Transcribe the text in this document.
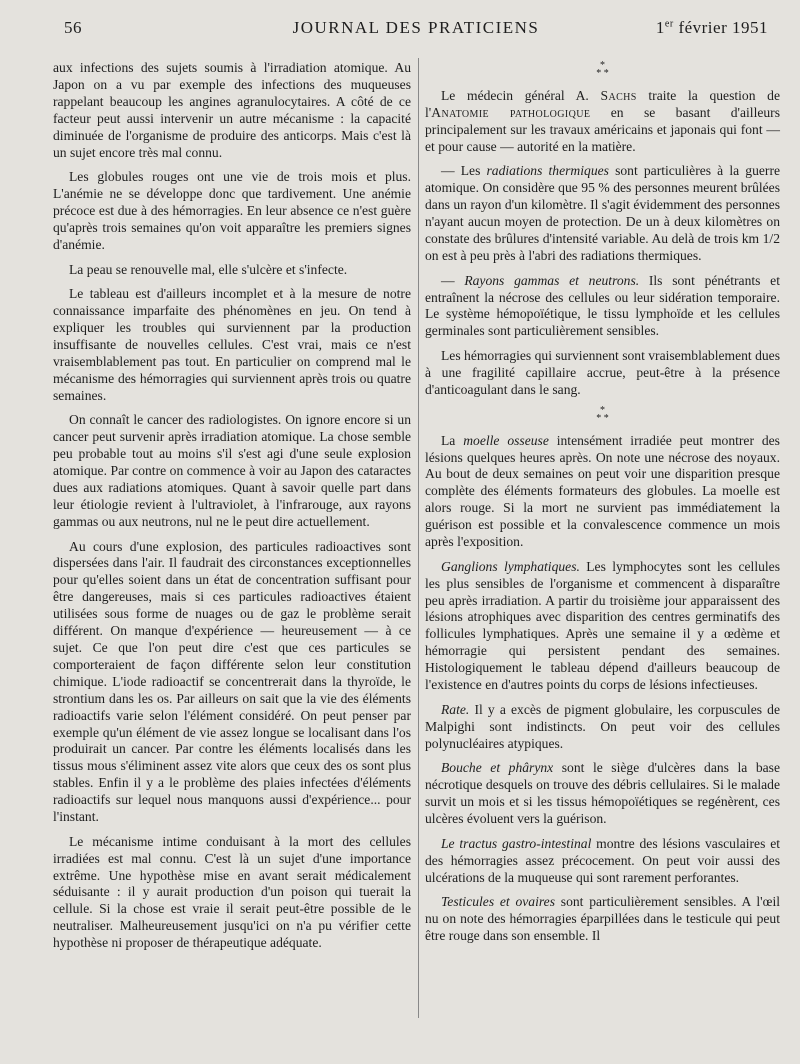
56	JOURNAL DES PRATICIENS	1er février 1951

aux infections des sujets soumis à l'irradiation atomique. Au Japon on a vu par exemple des infections des muqueuses rappelant beaucoup les angines agranulocytaires. A côté de ce facteur peut aussi intervenir un autre mécanisme : la capacité diminuée de l'organisme de produire des anticorps. Mais c'est là un sujet encore très mal connu.

Les globules rouges ont une vie de trois mois et plus. L'anémie ne se développe donc que tardivement. Une anémie précoce est due à des hémorragies. En leur absence ce n'est guère qu'après trois semaines qu'on voit apparaître les premiers signes d'anémie.

La peau se renouvelle mal, elle s'ulcère et s'infecte.

Le tableau est d'ailleurs incomplet et à la mesure de notre connaissance imparfaite des phénomènes en jeu. On tend à expliquer les troubles qui surviennent par la production insuffisante de nouvelles cellules. C'est vrai, mais ce n'est vraisemblablement pas tout. En particulier on comprend mal le mécanisme des hémorragies qui surviennent après trois ou quatre semaines.

On connaît le cancer des radiologistes. On ignore encore si un cancer peut survenir après irradiation atomique. La chose semble peu probable tout au moins s'il s'est agi d'une seule explosion atomique. Par contre on commence à voir au Japon des cataractes dues aux radiations atomiques. Quant à savoir quelle part dans leur étiologie revient à l'ultraviolet, à l'infrarouge, aux rayons gammas ou aux neutrons, nul ne le peut dire actuellement.

Au cours d'une explosion, des particules radioactives sont dispersées dans l'air. Il faudrait des circonstances exceptionnelles pour qu'elles soient dans un état de concentration suffisant pour être dangereuses, mais si ces particules radioactives étaient utilisées sous forme de nuages ou de gaz le problème serait différent. On manque d'expérience — heureusement — à ce sujet. Ce que l'on peut dire c'est que ces particules se comporteraient de façon différente selon leur constitution chimique. L'iode radioactif se concentrerait dans la thyroïde, le strontium dans les os. Par ailleurs on sait que la vie des éléments radioactifs varie selon l'élément considéré. On peut penser par exemple qu'un élément de vie assez longue se localisant dans l'os produirait un cancer. Par contre les éléments localisés dans les tissus mous s'éliminent assez vite alors que ceux des os sont plus stables. Enfin il y a le problème des plaies infectées d'éléments radioactifs sur lequel nous manquons aussi d'expérience... pour l'instant.

Le mécanisme intime conduisant à la mort des cellules irradiées est mal connu. C'est là un sujet d'une importance extrême. Une hypothèse mise en avant serait médicalement séduisante : il y aurait production d'un poison qui tuerait la cellule. Si la chose est vraie il serait peut-être possible de le neutraliser. Malheureusement jusqu'ici on n'a pu vérifier cette hypothèse ni proposer de thérapeutique adéquate.

*
* *

Le médecin général A. Sachs traite la question de l'Anatomie pathologique en se basant d'ailleurs principalement sur les travaux américains et japonais qui font — et pour cause — autorité en la matière.

— Les radiations thermiques sont particulières à la guerre atomique. On considère que 95 % des personnes meurent brûlées dans un rayon d'un kilomètre. Il s'agit évidemment des personnes n'ayant aucun moyen de protection. De un à deux kilomètres on constate des brûlures d'intensité variable. Au delà de trois km 1/2 on est à peu près à l'abri des radiations thermiques.

— Rayons gammas et neutrons. Ils sont pénétrants et entraînent la nécrose des cellules ou leur sidération temporaire. Le système hémopoïétique, le tissu lymphoïde et les cellules germinales sont particulièrement sensibles.

Les hémorragies qui surviennent sont vraisemblablement dues à une fragilité capillaire accrue, peut-être à la présence d'anticoagulant dans le sang.

*
* *

La moelle osseuse intensément irradiée peut montrer des lésions quelques heures après. On note une nécrose des noyaux. Au bout de deux semaines on peut voir une disparition presque complète des éléments formateurs des globules. La moelle est alors rouge. Si la mort ne survient pas immédiatement la guérison est possible et la convalescence commence un mois après l'exposition.

Ganglions lymphatiques. Les lymphocytes sont les cellules les plus sensibles de l'organisme et commencent à disparaître peu après irradiation. A partir du troisième jour apparaissent des lésions atrophiques avec disparition des centres germinatifs des follicules lymphatiques. Après une semaine il y a œdème et hémorragie qui persistent pendant des semaines. Histologiquement le tableau dépend d'ailleurs beaucoup de l'existence en d'autres points du corps de lésions infectieuses.

Rate. Il y a excès de pigment globulaire, les corpuscules de Malpighi sont indistincts. On peut voir des cellules polynucléaires atypiques.

Bouche et phârynx sont le siège d'ulcères dans la base nécrotique desquels on trouve des débris cellulaires. Si le malade survit un mois et si les tissus hémopoïétiques se regénèrent, ces ulcères évoluent vers la guérison.

Le tractus gastro-intestinal montre des lésions vasculaires et des hémorragies assez précocement. On peut voir aussi des ulcérations de la muqueuse qui sont rarement perforantes.

Testicules et ovaires sont particulièrement sensibles. A l'œil nu on note des hémorragies éparpillées dans le testicule qui peut être rouge dans son ensemble. Il
